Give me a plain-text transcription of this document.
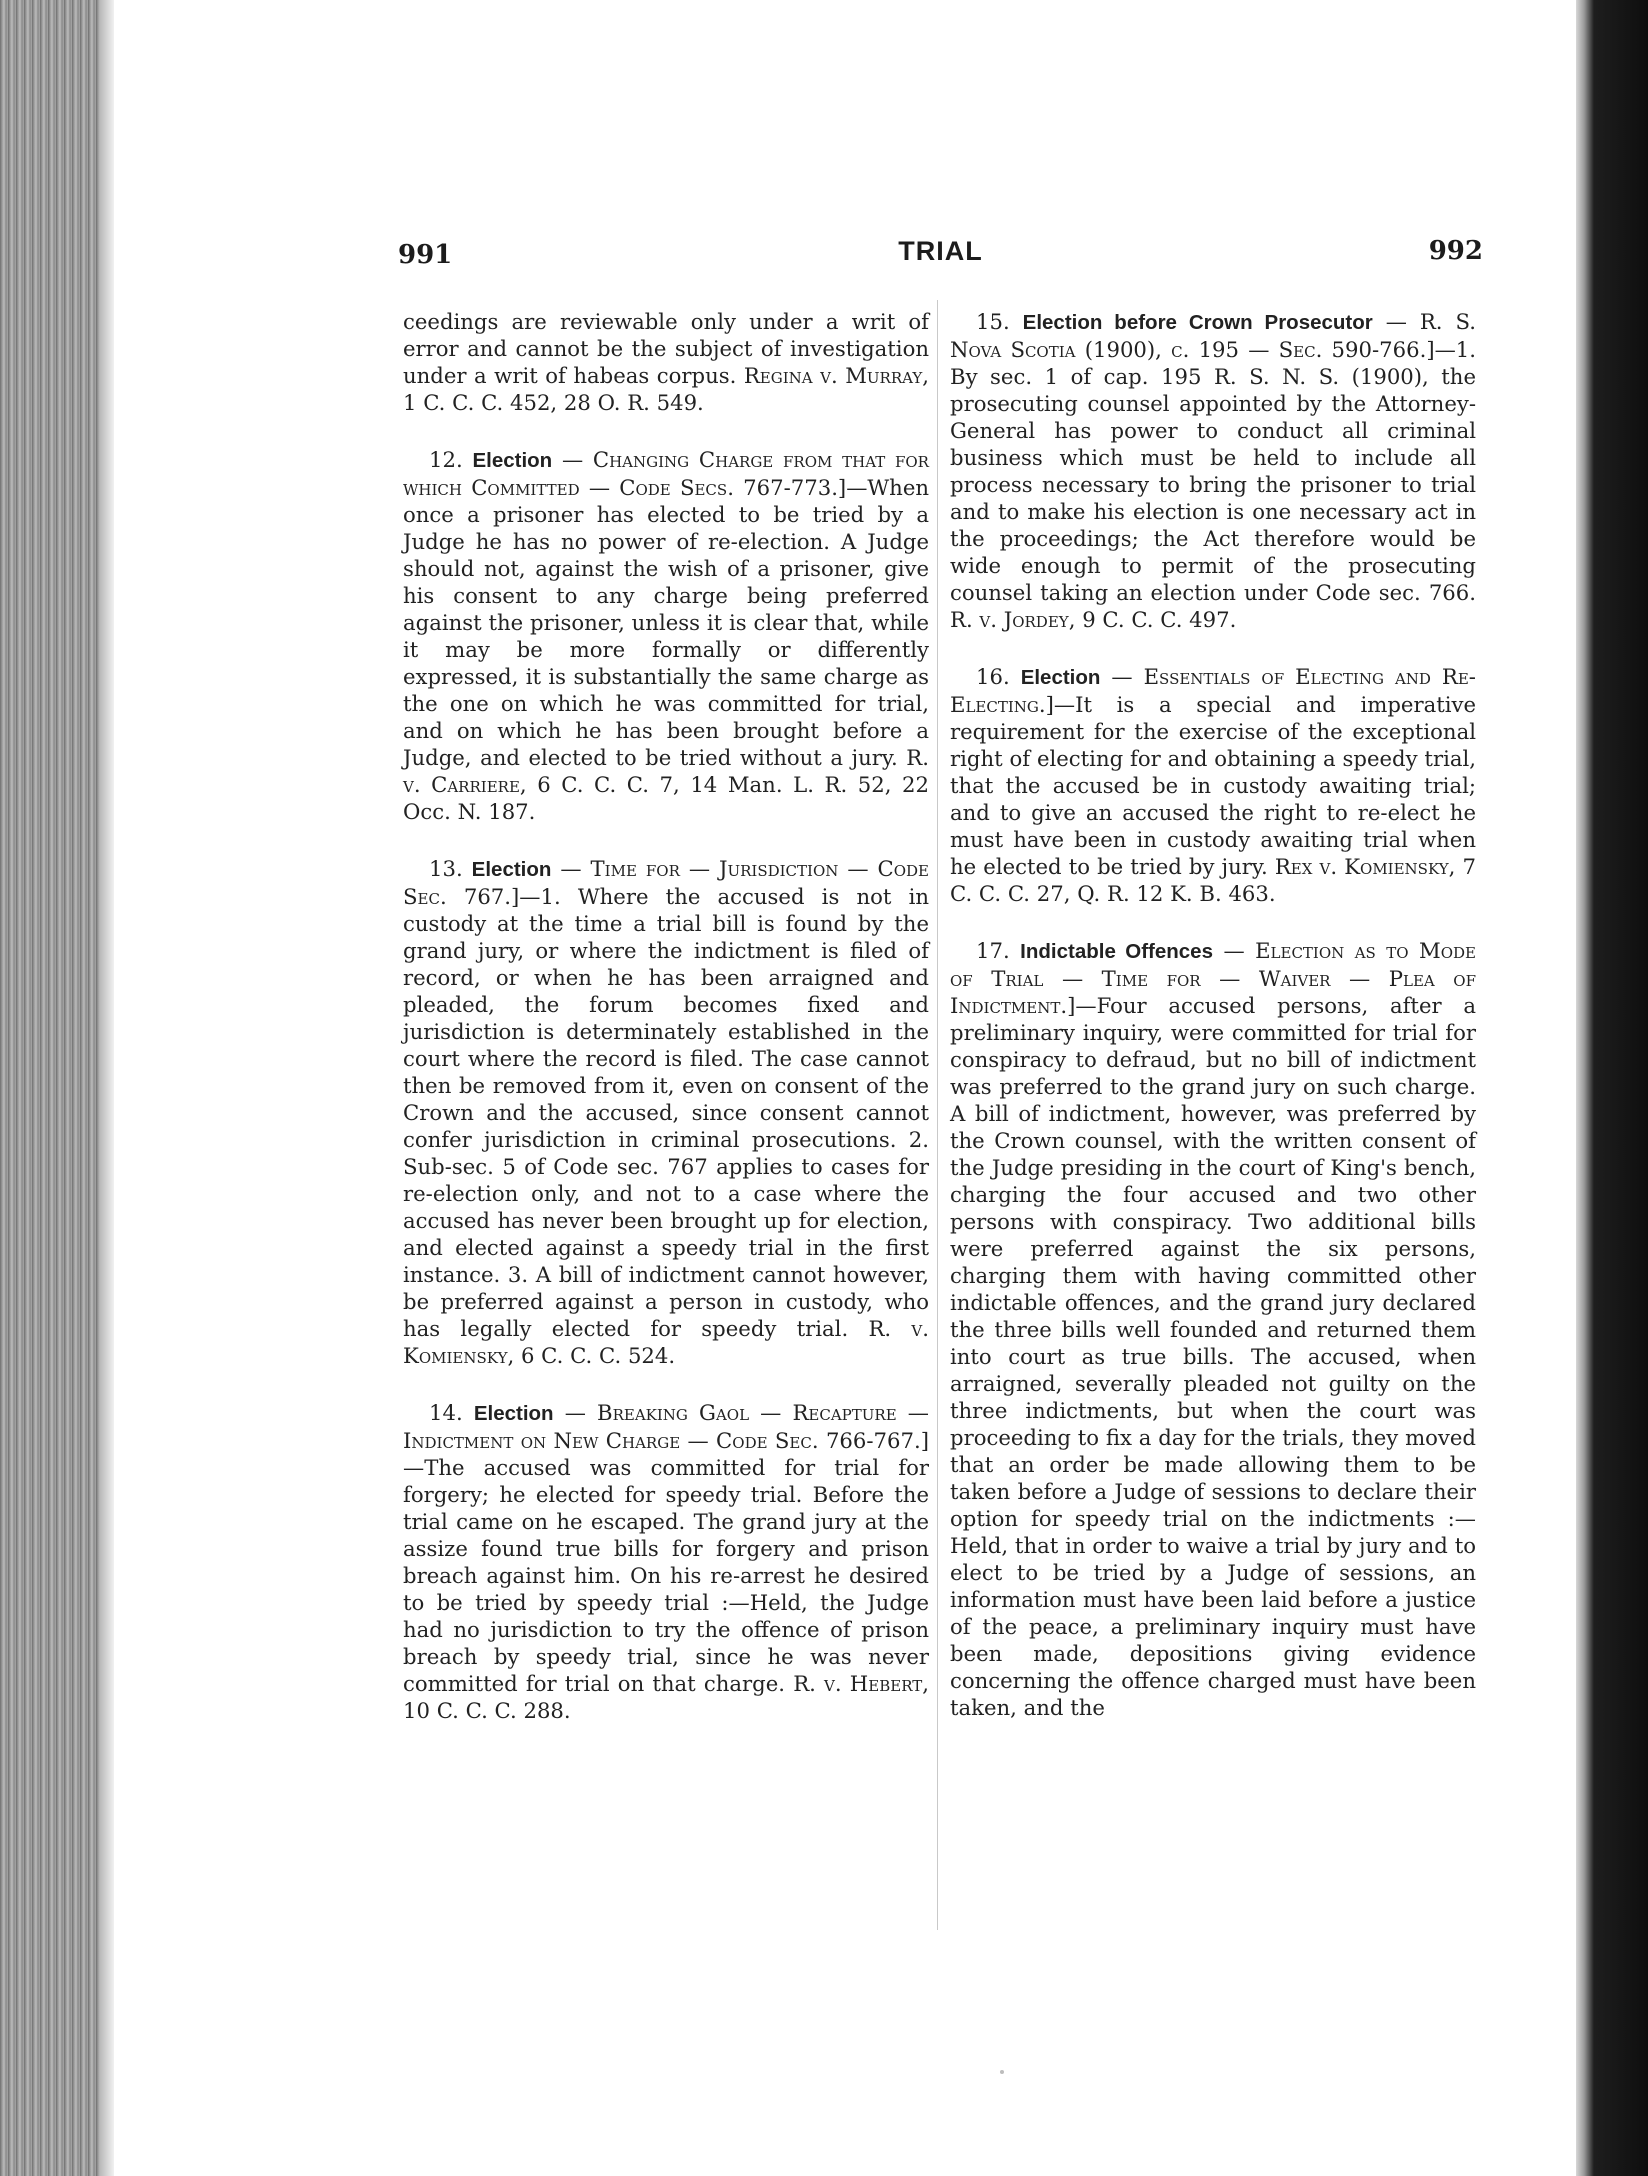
991	TRIAL	992

ceedings are reviewable only under a writ of error and cannot be the subject of investigation under a writ of habeas corpus. Regina v. Murray, 1 C. C. C. 452, 28 O. R. 549.

12. Election — Changing Charge from that for which Committed — Code Secs. 767-773.]—When once a prisoner has elected to be tried by a Judge he has no power of re-election. A Judge should not, against the wish of a prisoner, give his consent to any charge being preferred against the prisoner, unless it is clear that, while it may be more formally or differently expressed, it is substantially the same charge as the one on which he was committed for trial, and on which he has been brought before a Judge, and elected to be tried without a jury. R. v. Carriere, 6 C. C. C. 7, 14 Man. L. R. 52, 22 Occ. N. 187.

13. Election — Time for — Jurisdiction — Code Sec. 767.]—1. Where the accused is not in custody at the time a trial bill is found by the grand jury, or where the indictment is filed of record, or when he has been arraigned and pleaded, the forum becomes fixed and jurisdiction is determinately established in the court where the record is filed. The case cannot then be removed from it, even on consent of the Crown and the accused, since consent cannot confer jurisdiction in criminal prosecutions. 2. Sub-sec. 5 of Code sec. 767 applies to cases for re-election only, and not to a case where the accused has never been brought up for election, and elected against a speedy trial in the first instance. 3. A bill of indictment cannot however, be preferred against a person in custody, who has legally elected for speedy trial. R. v. Komiensky, 6 C. C. C. 524.

14. Election — Breaking Gaol — Recapture — Indictment on New Charge — Code Sec. 766-767.]—The accused was committed for trial for forgery; he elected for speedy trial. Before the trial came on he escaped. The grand jury at the assize found true bills for forgery and prison breach against him. On his re-arrest he desired to be tried by speedy trial :—Held, the Judge had no jurisdiction to try the offence of prison breach by speedy trial, since he was never committed for trial on that charge. R. v. Hebert, 10 C. C. C. 288.

15. Election before Crown Prosecutor — R. S. Nova Scotia (1900), c. 195 — Sec. 590-766.]—1. By sec. 1 of cap. 195 R. S. N. S. (1900), the prosecuting counsel appointed by the Attorney-General has power to conduct all criminal business which must be held to include all process necessary to bring the prisoner to trial and to make his election is one necessary act in the proceedings; the Act therefore would be wide enough to permit of the prosecuting counsel taking an election under Code sec. 766. R. v. Jordey, 9 C. C. C. 497.

16. Election — Essentials of Electing and Re-Electing.]—It is a special and imperative requirement for the exercise of the exceptional right of electing for and obtaining a speedy trial, that the accused be in custody awaiting trial; and to give an accused the right to re-elect he must have been in custody awaiting trial when he elected to be tried by jury. Rex v. Komiensky, 7 C. C. C. 27, Q. R. 12 K. B. 463.

17. Indictable Offences — Election as to Mode of Trial — Time for — Waiver — Plea of Indictment.]—Four accused persons, after a preliminary inquiry, were committed for trial for conspiracy to defraud, but no bill of indictment was preferred to the grand jury on such charge. A bill of indictment, however, was preferred by the Crown counsel, with the written consent of the Judge presiding in the court of King's bench, charging the four accused and two other persons with conspiracy. Two additional bills were preferred against the six persons, charging them with having committed other indictable offences, and the grand jury declared the three bills well founded and returned them into court as true bills. The accused, when arraigned, severally pleaded not guilty on the three indictments, but when the court was proceeding to fix a day for the trials, they moved that an order be made allowing them to be taken before a Judge of sessions to declare their option for speedy trial on the indictments :—Held, that in order to waive a trial by jury and to elect to be tried by a Judge of sessions, an information must have been laid before a justice of the peace, a preliminary inquiry must have been made, depositions giving evidence concerning the offence charged must have been taken, and the
